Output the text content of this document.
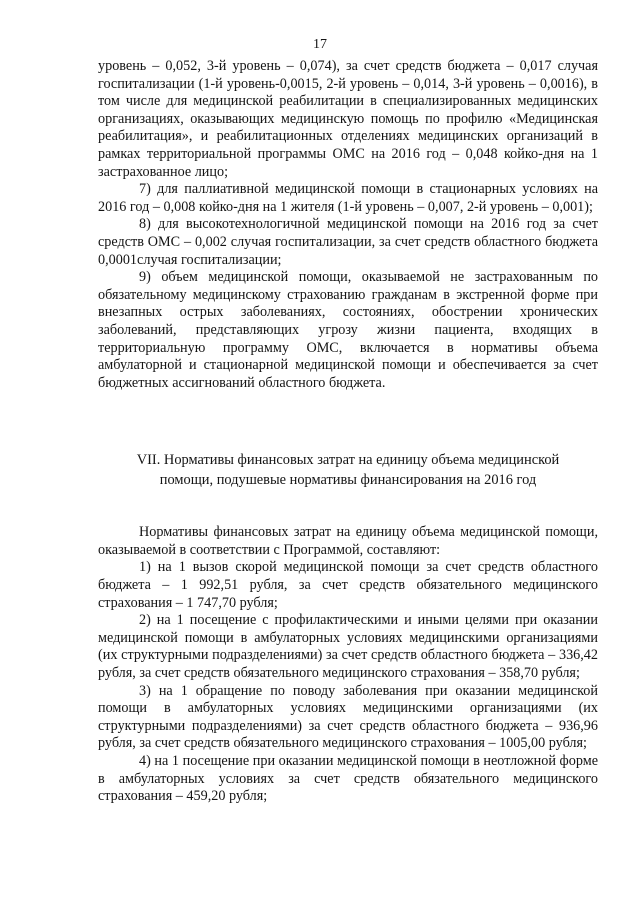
17

уровень – 0,052, 3-й уровень – 0,074), за счет средств бюджета – 0,017 случая госпитализации (1-й уровень-0,0015, 2-й уровень – 0,014, 3-й уровень – 0,0016), в том числе для медицинской реабилитации в специализированных медицинских организациях, оказывающих медицинскую помощь по профилю «Медицинская реабилитация», и реабилитационных отделениях медицинских организаций в рамках территориальной программы ОМС на 2016 год – 0,048 койко-дня на 1 застрахованное лицо;

7) для паллиативной медицинской помощи в стационарных условиях на 2016 год – 0,008 койко-дня на 1 жителя (1-й уровень – 0,007, 2-й уровень – 0,001);

8) для высокотехнологичной медицинской помощи на 2016 год за счет средств ОМС – 0,002 случая госпитализации, за счет средств областного бюджета 0,0001случая госпитализации;

9) объем медицинской помощи, оказываемой не застрахованным по обязательному медицинскому страхованию гражданам в экстренной форме при внезапных острых заболеваниях, состояниях, обострении хронических заболеваний, представляющих угрозу жизни пациента, входящих в территориальную программу ОМС, включается в нормативы объема амбулаторной и стационарной медицинской помощи и обеспечивается за счет бюджетных ассигнований областного бюджета.

VII. Нормативы финансовых затрат на единицу объема медицинской
помощи, подушевые нормативы финансирования на 2016 год

Нормативы финансовых затрат на единицу объема медицинской помощи, оказываемой в соответствии с Программой, составляют:

1) на 1 вызов скорой медицинской помощи за счет средств областного бюджета – 1 992,51 рубля, за счет средств обязательного медицинского страхования – 1 747,70 рубля;

2) на 1 посещение с профилактическими и иными целями при оказании медицинской помощи в амбулаторных условиях медицинскими организациями (их структурными подразделениями) за счет средств областного бюджета – 336,42 рубля, за счет средств обязательного медицинского страхования – 358,70 рубля;

3) на 1 обращение по поводу заболевания при оказании медицинской помощи в амбулаторных условиях медицинскими организациями (их структурными подразделениями) за счет средств областного бюджета – 936,96 рубля, за счет средств обязательного медицинского страхования – 1005,00 рубля;

4) на 1 посещение при оказании медицинской помощи в неотложной форме в амбулаторных условиях за счет средств обязательного медицинского страхования – 459,20 рубля;
